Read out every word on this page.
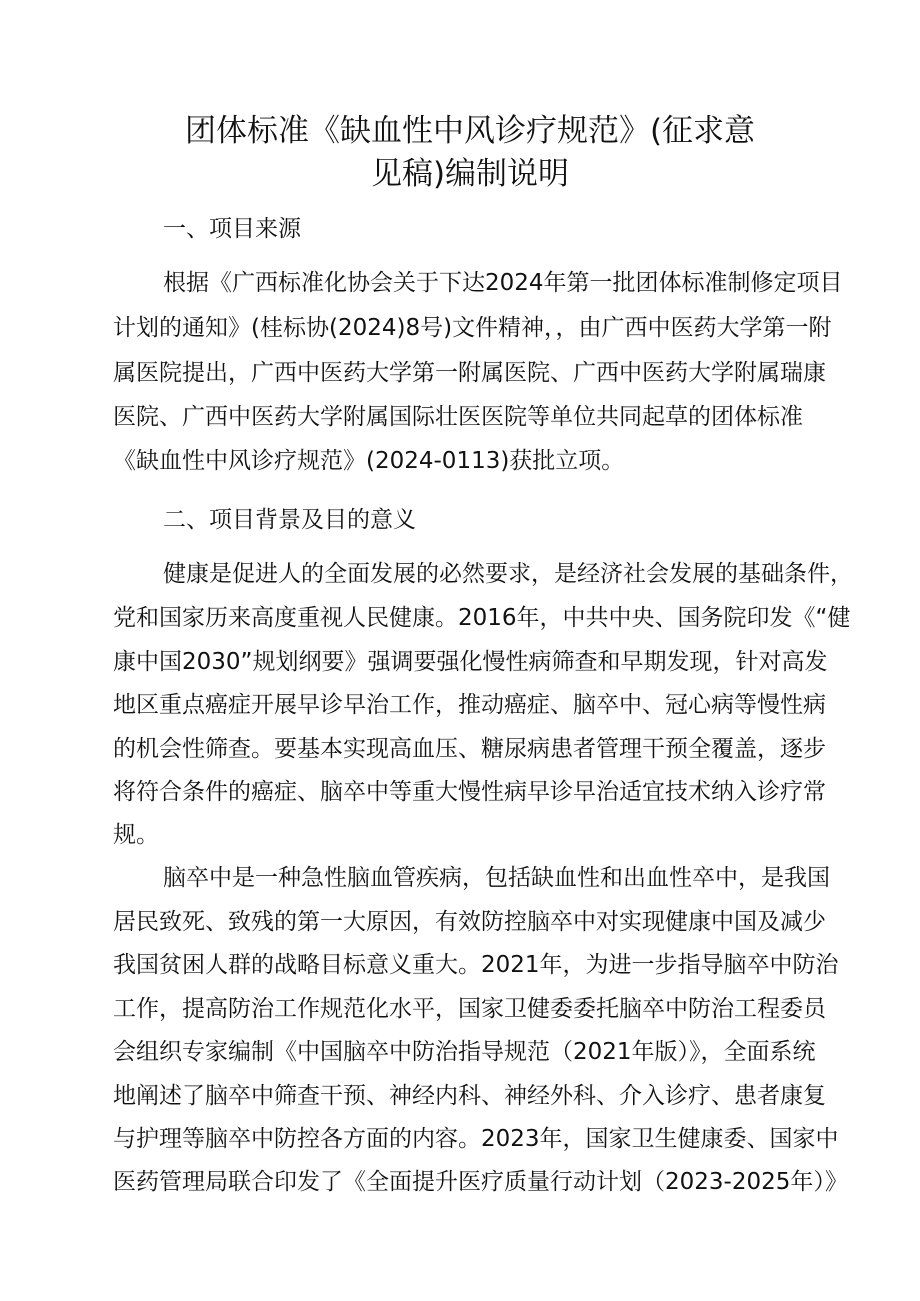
团体标准《缺血性中风诊疗规范》(征求意
见稿)编制说明
一、项目来源

根据《广西标准化协会关于下达2024年第一批团体标准制修定项目

计划的通知》(桂标协(2024)8号)文件精神，，由广西中医药大学第一附

属医院提出，广西中医药大学第一附属医院、广西中医药大学附属瑞康

医院、广西中医药大学附属国际壮医医院等单位共同起草的团体标准

《缺血性中风诊疗规范》(2024-0113)获批立项。

二、项目背景及目的意义

健康是促进人的全面发展的必然要求，是经济社会发展的基础条件，

党和国家历来高度重视人民健康。2016年，中共中央、国务院印发《“健

康中国2030”规划纲要》强调要强化慢性病筛查和早期发现，针对高发

地区重点癌症开展早诊早治工作，推动癌症、脑卒中、冠心病等慢性病

的机会性筛查。要基本实现高血压、糖尿病患者管理干预全覆盖，逐步

将符合条件的癌症、脑卒中等重大慢性病早诊早治适宜技术纳入诊疗常

规。

脑卒中是一种急性脑血管疾病，包括缺血性和出血性卒中，是我国

居民致死、致残的第一大原因，有效防控脑卒中对实现健康中国及减少

我国贫困人群的战略目标意义重大。2021年，为进一步指导脑卒中防治

工作，提高防治工作规范化水平，国家卫健委委托脑卒中防治工程委员

会组织专家编制《中国脑卒中防治指导规范（2021年版）》，全面系统

地阐述了脑卒中筛查干预、神经内科、神经外科、介入诊疗、患者康复

与护理等脑卒中防控各方面的内容。2023年，国家卫生健康委、国家中

医药管理局联合印发了《全面提升医疗质量行动计划（2023-2025年）》
